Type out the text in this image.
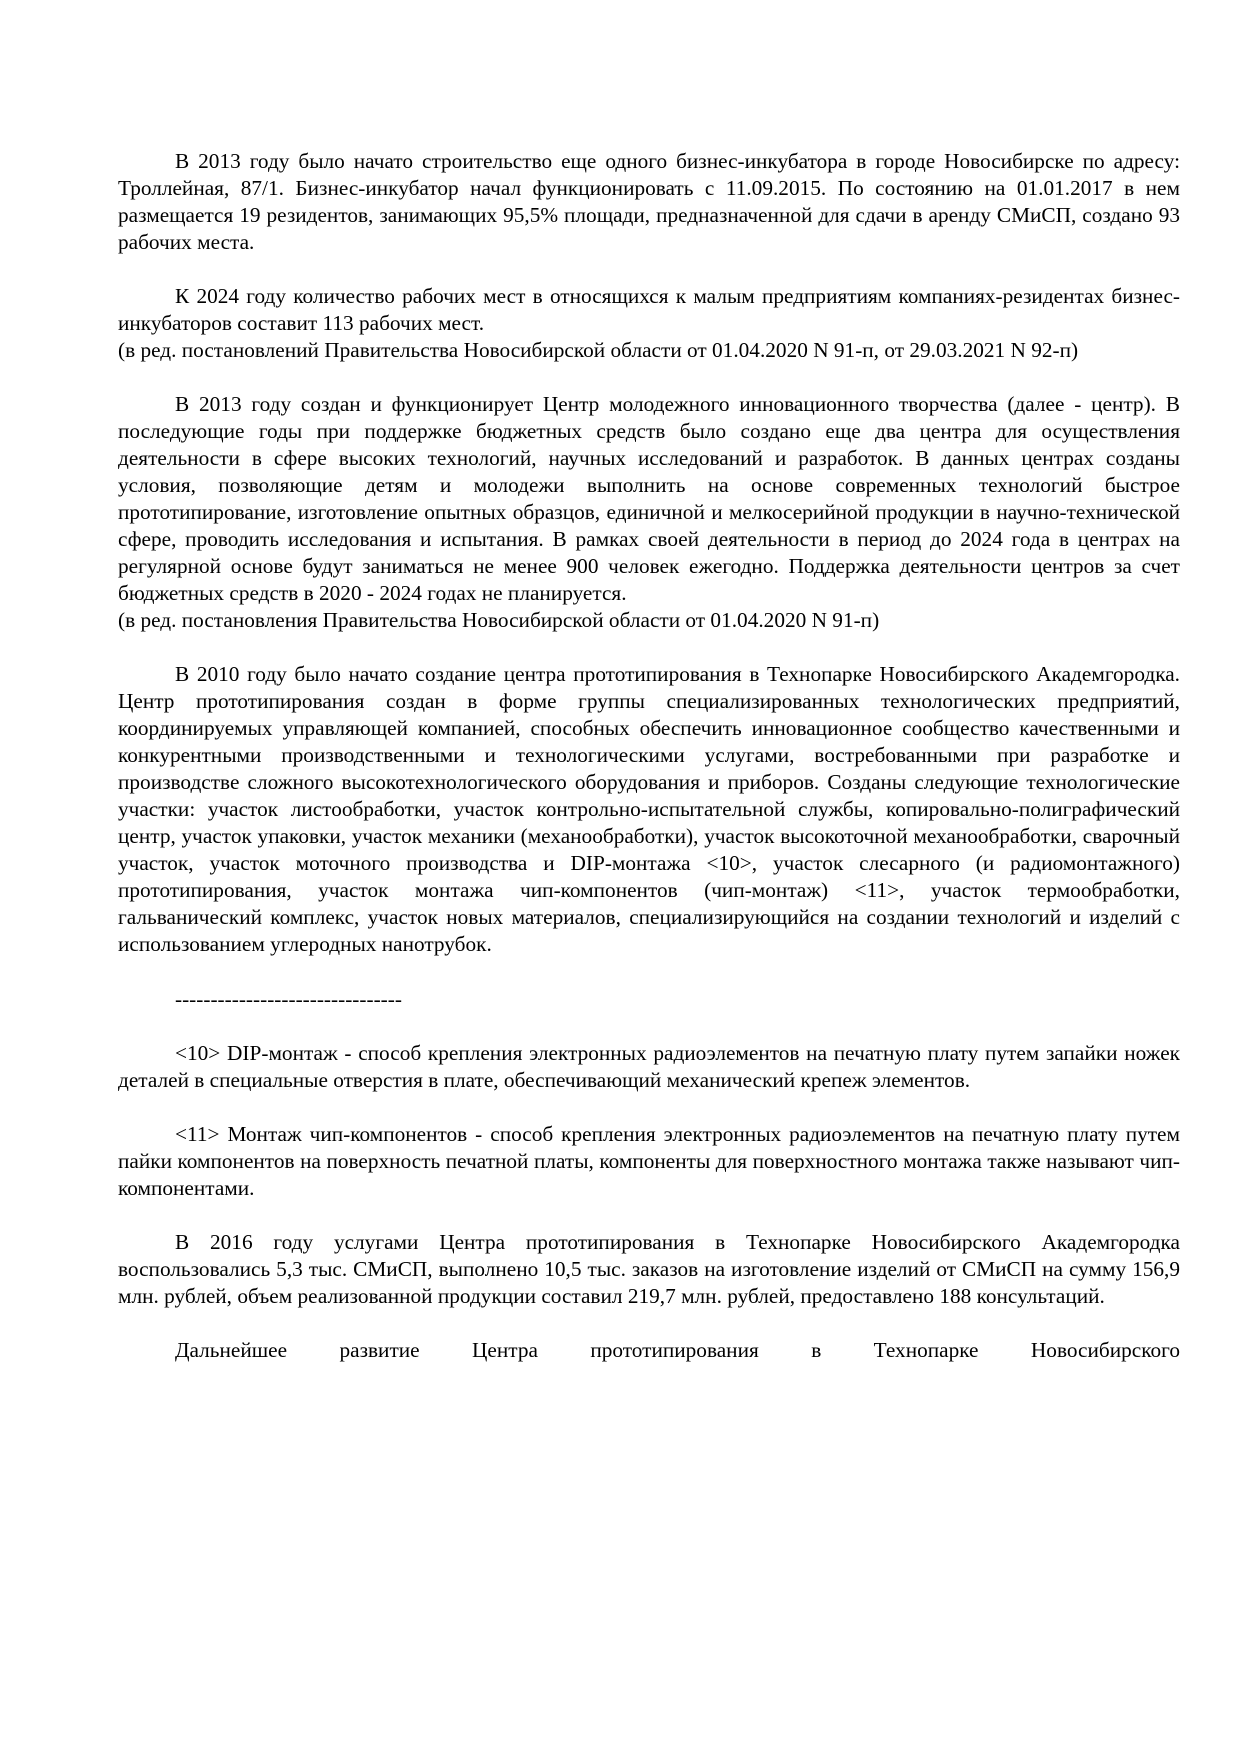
В 2013 году было начато строительство еще одного бизнес-инкубатора в городе Новосибирске по адресу: Троллейная, 87/1. Бизнес-инкубатор начал функционировать с 11.09.2015. По состоянию на 01.01.2017 в нем размещается 19 резидентов, занимающих 95,5% площади, предназначенной для сдачи в аренду СМиСП, создано 93 рабочих места.

К 2024 году количество рабочих мест в относящихся к малым предприятиям компаниях-резидентах бизнес-инкубаторов составит 113 рабочих мест.
(в ред. постановлений Правительства Новосибирской области от 01.04.2020 N 91-п, от 29.03.2021 N 92-п)

В 2013 году создан и функционирует Центр молодежного инновационного творчества (далее - центр). В последующие годы при поддержке бюджетных средств было создано еще два центра для осуществления деятельности в сфере высоких технологий, научных исследований и разработок. В данных центрах созданы условия, позволяющие детям и молодежи выполнить на основе современных технологий быстрое прототипирование, изготовление опытных образцов, единичной и мелкосерийной продукции в научно-технической сфере, проводить исследования и испытания. В рамках своей деятельности в период до 2024 года в центрах на регулярной основе будут заниматься не менее 900 человек ежегодно. Поддержка деятельности центров за счет бюджетных средств в 2020 - 2024 годах не планируется.
(в ред. постановления Правительства Новосибирской области от 01.04.2020 N 91-п)

В 2010 году было начато создание центра прототипирования в Технопарке Новосибирского Академгородка. Центр прототипирования создан в форме группы специализированных технологических предприятий, координируемых управляющей компанией, способных обеспечить инновационное сообщество качественными и конкурентными производственными и технологическими услугами, востребованными при разработке и производстве сложного высокотехнологического оборудования и приборов. Созданы следующие технологические участки: участок листообработки, участок контрольно-испытательной службы, копировально-полиграфический центр, участок упаковки, участок механики (механообработки), участок высокоточной механообработки, сварочный участок, участок моточного производства и DIP-монтажа <10>, участок слесарного (и радиомонтажного) прототипирования, участок монтажа чип-компонентов (чип-монтаж) <11>, участок термообработки, гальванический комплекс, участок новых материалов, специализирующийся на создании технологий и изделий с использованием углеродных нанотрубок.

--------------------------------

<10> DIP-монтаж - способ крепления электронных радиоэлементов на печатную плату путем запайки ножек деталей в специальные отверстия в плате, обеспечивающий механический крепеж элементов.

<11> Монтаж чип-компонентов - способ крепления электронных радиоэлементов на печатную плату путем пайки компонентов на поверхность печатной платы, компоненты для поверхностного монтажа также называют чип-компонентами.

В 2016 году услугами Центра прототипирования в Технопарке Новосибирского Академгородка воспользовались 5,3 тыс. СМиСП, выполнено 10,5 тыс. заказов на изготовление изделий от СМиСП на сумму 156,9 млн. рублей, объем реализованной продукции составил 219,7 млн. рублей, предоставлено 188 консультаций.

Дальнейшее развитие Центра прототипирования в Технопарке Новосибирского
